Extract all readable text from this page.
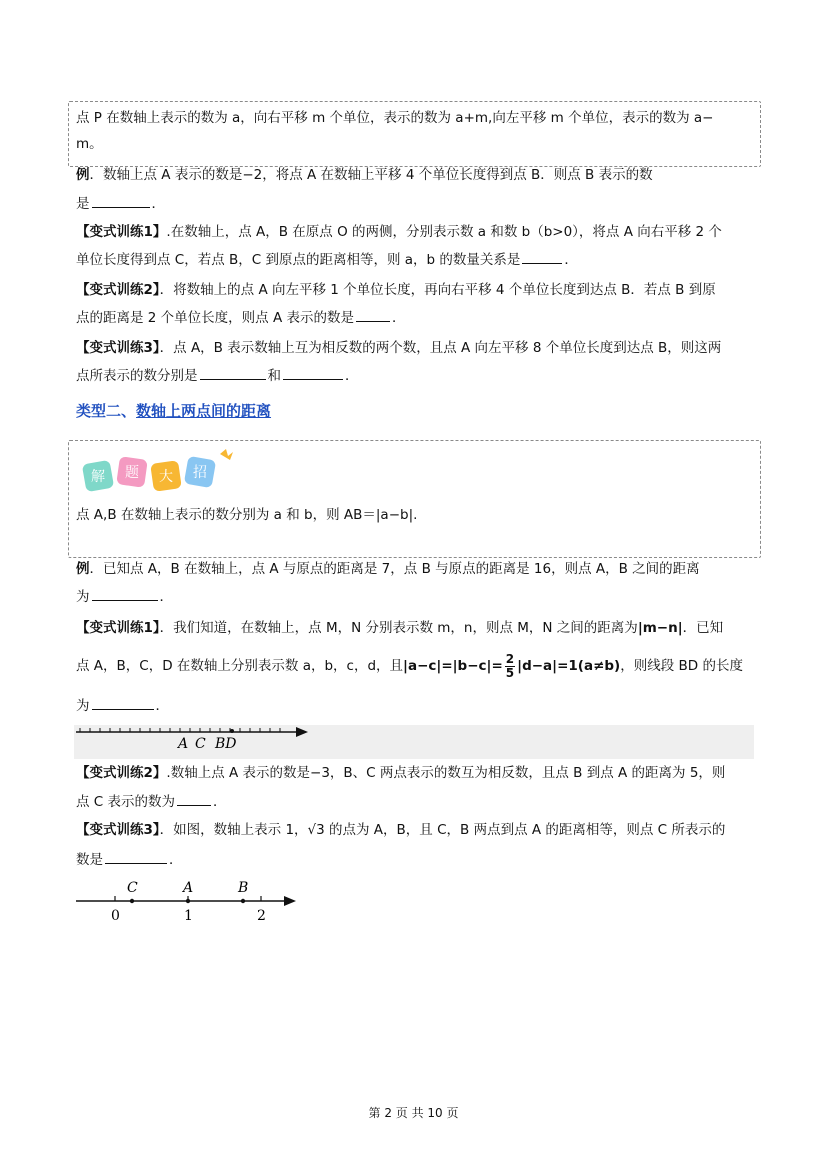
点 P 在数轴上表示的数为 a，向右平移 m 个单位，表示的数为 a+m,向左平移 m 个单位，表示的数为 a−
m。
例．数轴上点 A 表示的数是−2，将点 A 在数轴上平移 4 个单位长度得到点 B．则点 B 表示的数
是	．
【变式训练1】.在数轴上，点 A，B 在原点 O 的两侧，分别表示数 a 和数 b（b>0），将点 A 向右平移 2 个
单位长度得到点 C，若点 B，C 到原点的距离相等，则 a，b 的数量关系是	．
【变式训练2】．将数轴上的点 A 向左平移 1 个单位长度，再向右平移 4 个单位长度到达点 B．若点 B 到原
点的距离是 2 个单位长度，则点 A 表示的数是	．
【变式训练3】．点 A，B 表示数轴上互为相反数的两个数，且点 A 向左平移 8 个单位长度到达点 B，则这两
点所表示的数分别是	和	．
类型二、数轴上两点间的距离
解 题 大 招
点 A,B 在数轴上表示的数分别为 a 和 b，则 AB＝|a−b|.
例．已知点 A，B 在数轴上，点 A 与原点的距离是 7，点 B 与原点的距离是 16，则点 A，B 之间的距离
为	．
【变式训练1】．我们知道，在数轴上，点 M，N 分别表示数 m，n，则点 M，N 之间的距离为|m−n|．已知
点 A，B，C，D 在数轴上分别表示数 a，b，c，d，且$|a-c|=|b-c|= \frac{2}{5} |d-a|=1(a\ne b)$，则线段 BD 的长度
为	．
A C BD
【变式训练2】.数轴上点 A 表示的数是−3，B、C 两点表示的数互为相反数，且点 B 到点 A 的距离为 5，则
点 C 表示的数为	．
【变式训练3】．如图，数轴上表示 1，√3 的点为 A，B，且 C，B 两点到点 A 的距离相等，则点 C 所表示的
数是	．
C	A	B
0	1	2
第 2 页 共 10 页
